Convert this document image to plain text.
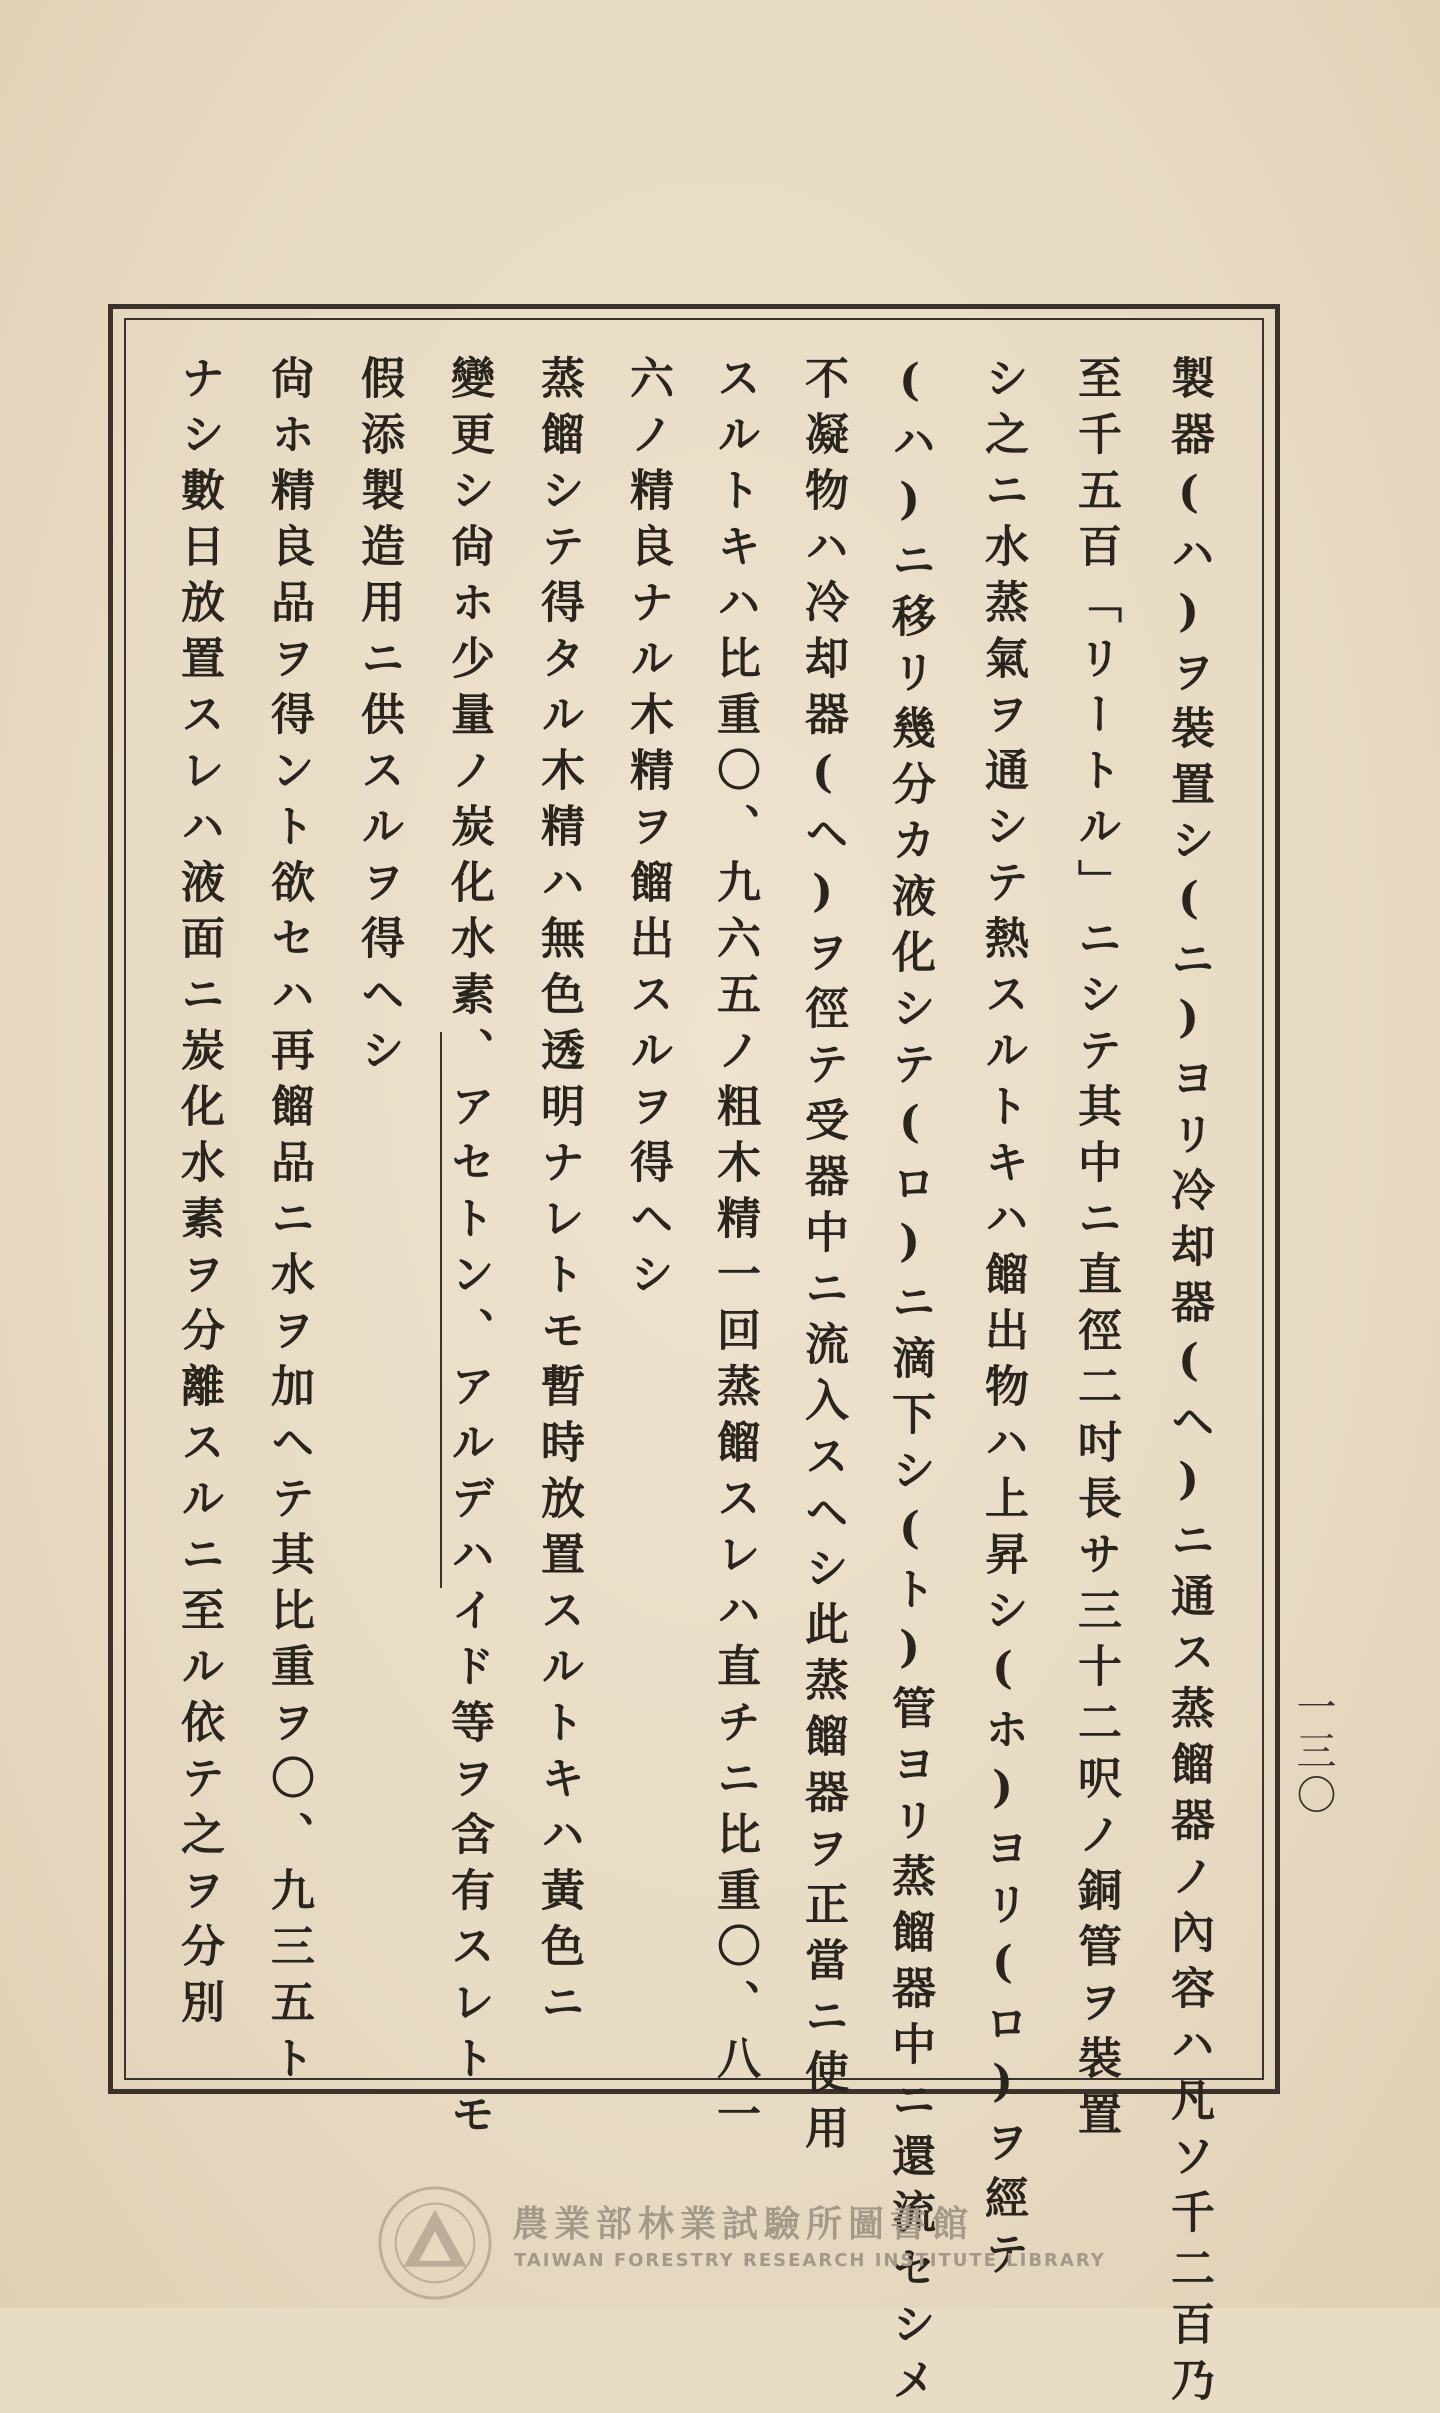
製器(ハ)ヲ裝置シ(ニ)ヨリ冷却器(ヘ)ニ通ス蒸餾器ノ內容ハ凡ソ千二百乃
至千五百「リートル」ニシテ其中ニ直徑二吋長サ三十二呎ノ銅管ヲ裝置
シ之ニ水蒸氣ヲ通シテ熱スルトキハ餾出物ハ上昇シ(ホ)ヨリ(ロ)ヲ經テ
(ハ)ニ移リ幾分カ液化シテ(ロ)ニ滴下シ(ト)管ヨリ蒸餾器中ニ還流セシメ
不凝物ハ冷却器(ヘ)ヲ徑テ受器中ニ流入スヘシ此蒸餾器ヲ正當ニ使用
スルトキハ比重〇、九六五ノ粗木精一回蒸餾スレハ直チニ比重〇、八一
六ノ精良ナル木精ヲ餾出スルヲ得ヘシ
蒸餾シテ得タル木精ハ無色透明ナレトモ暫時放置スルトキハ黃色ニ
變更シ尙ホ少量ノ炭化水素、アセトン、アルデハイド等ヲ含有スレトモ
假添製造用ニ供スルヲ得ヘシ
尙ホ精良品ヲ得ント欲セハ再餾品ニ水ヲ加ヘテ其比重ヲ〇、九三五ト
ナシ數日放置スレハ液面ニ炭化水素ヲ分離スルニ至ル依テ之ヲ分別	一三〇
農業部林業試驗所圖書館
TAIWAN FORESTRY RESEARCH INSTITUTE LIBRARY
